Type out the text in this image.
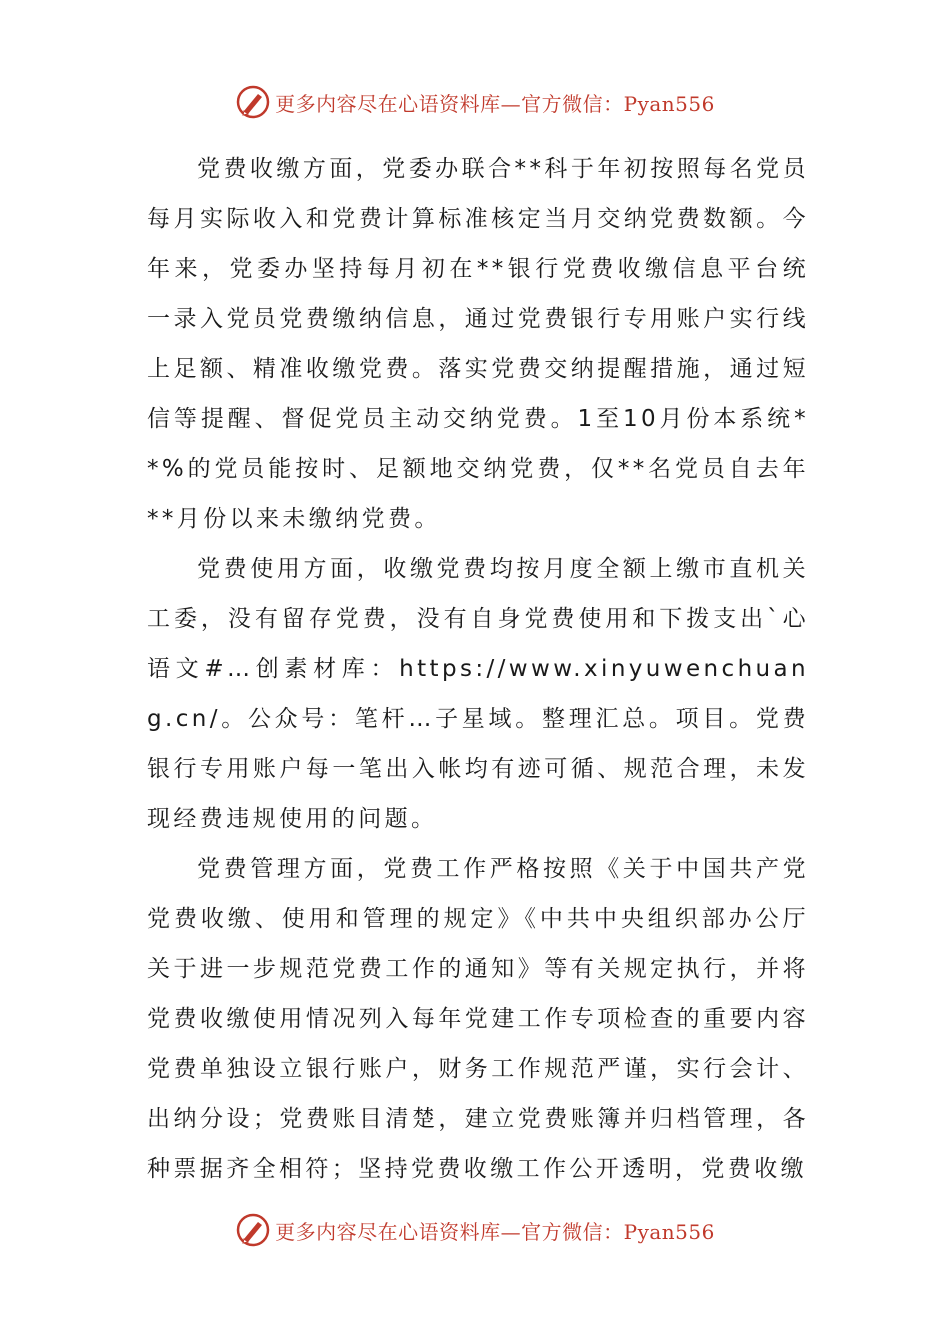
更多内容尽在心语资料库—官方微信：Pyan556

党费收缴方面，党委办联合**科于年初按照每名党员每月实际收入和党费计算标准核定当月交纳党费数额。今年来，党委办坚持每月初在**银行党费收缴信息平台统一录入党员党费缴纳信息，通过党费银行专用账户实行线上足额、精准收缴党费。落实党费交纳提醒措施，通过短信等提醒、督促党员主动交纳党费。1至10月份本系统**%的党员能按时、足额地交纳党费，仅**名党员自去年**月份以来未缴纳党费。

党费使用方面，收缴党费均按月度全额上缴市直机关工委，没有留存党费，没有自身党费使用和下拨支出`心语文#…创素材库：https://www.xinyuwenchuang.cn/。公众号：笔杆…子星域。整理汇总。项目。党费银行专用账户每一笔出入帐均有迹可循、规范合理，未发现经费违规使用的问题。

党费管理方面，党费工作严格按照《关于中国共产党党费收缴、使用和管理的规定》《中共中央组织部办公厅关于进一步规范党费工作的通知》等有关规定执行，并将党费收缴使用情况列入每年党建工作专项检查的重要内容党费单独设立银行账户，财务工作规范严谨，实行会计、出纳分设；党费账目清楚，建立党费账簿并归档管理，各种票据齐全相符；坚持党费收缴工作公开透明，党费收缴

更多内容尽在心语资料库—官方微信：Pyan556
